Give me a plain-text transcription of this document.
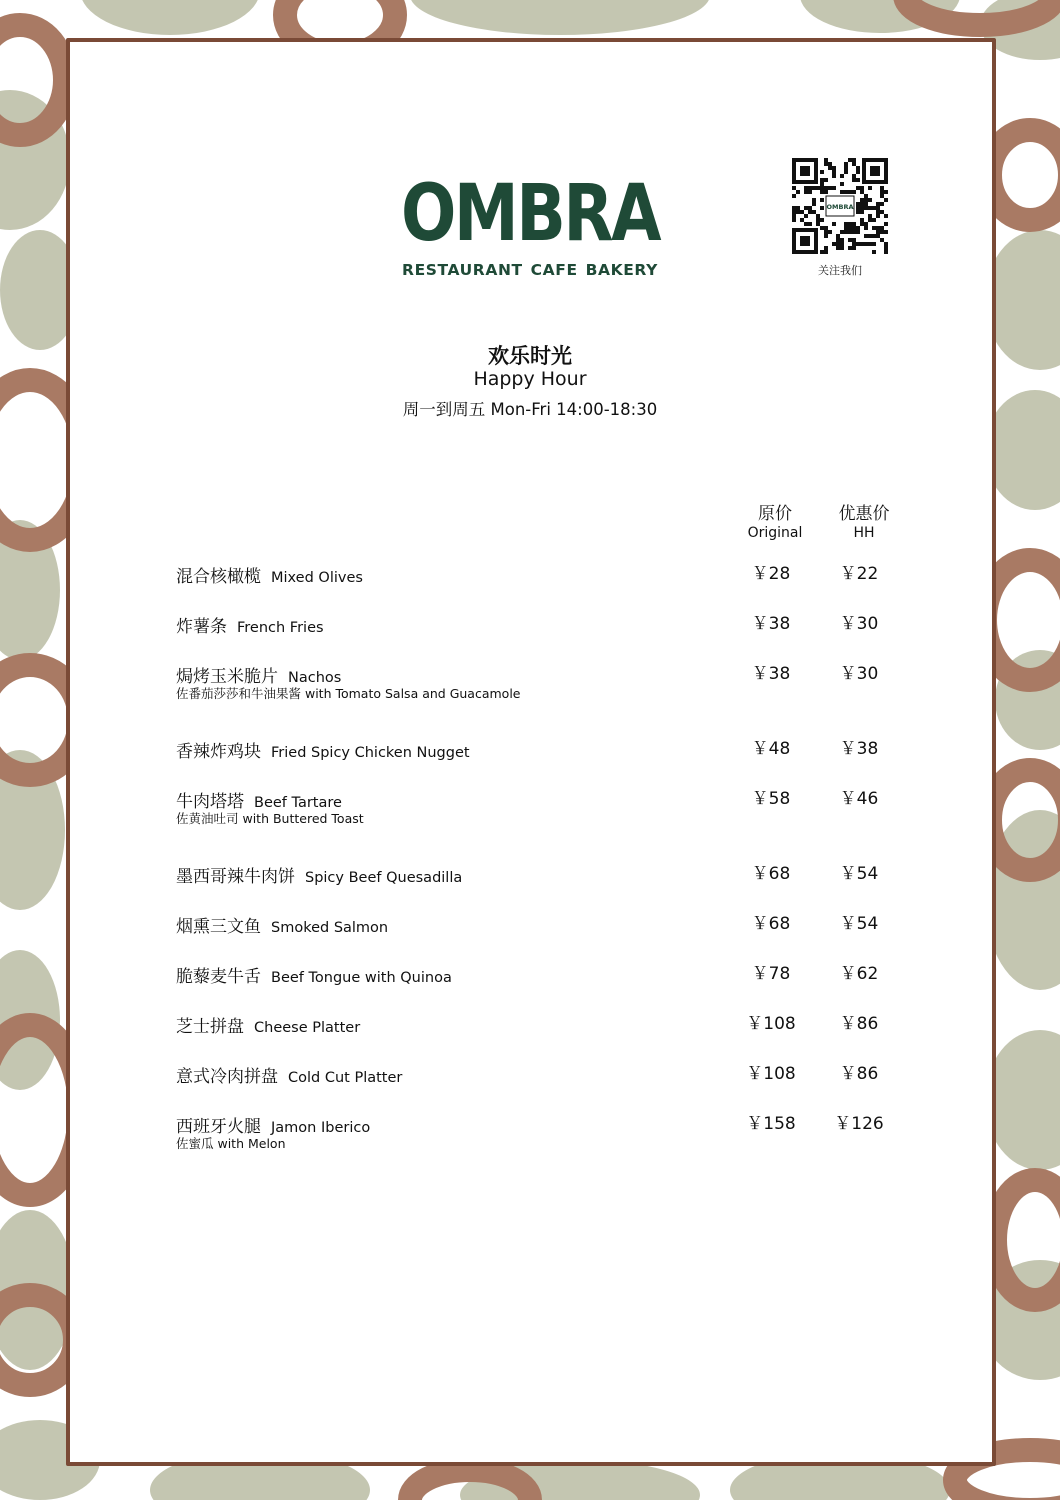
OMBRA
RESTAURANT CAFE BAKERY
OMBRA
关注我们
欢乐时光
Happy Hour
周一到周五 Mon-Fri 14:00-18:30
原价
Original
优惠价
HH
混合核橄榄 Mixed Olives	￥28	￥22
炸薯条 French Fries	￥38	￥30
焗烤玉米脆片 Nachos
佐番茄莎莎和牛油果酱 with Tomato Salsa and Guacamole
￥38	￥30
香辣炸鸡块 Fried Spicy Chicken Nugget	￥48	￥38
牛肉塔塔 Beef Tartare
佐黄油吐司 with Buttered Toast
￥58	￥46
墨西哥辣牛肉饼 Spicy Beef Quesadilla	￥68	￥54
烟熏三文鱼 Smoked Salmon	￥68	￥54
脆藜麦牛舌 Beef Tongue with Quinoa	￥78	￥62
芝士拼盘 Cheese Platter	￥108	￥86
意式冷肉拼盘 Cold Cut Platter	￥108	￥86
西班牙火腿 Jamon Iberico
佐蜜瓜 with Melon
￥158	￥126
